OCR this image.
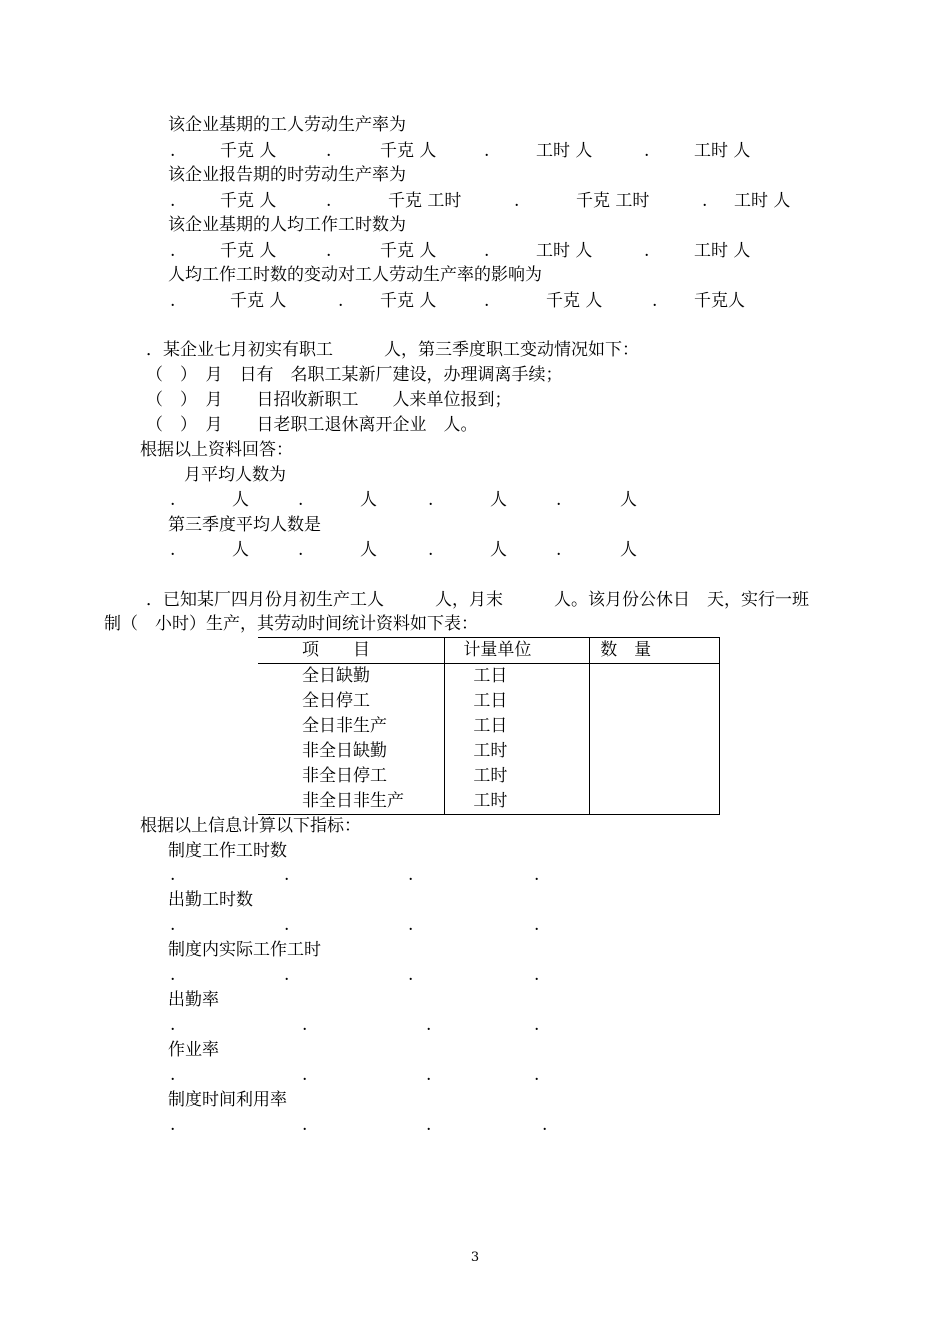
该企业基期的工人劳动生产率为
.	千克 人	.	千克 人	.	工时 人	.	工时 人
该企业报告期的时劳动生产率为
.	千克 人	.	千克 工时	.	千克 工时	. 工时 人
该企业基期的人均工作工时数为
.	千克 人	.	千克 人	.	工时 人	.	工时 人
人均工作工时数的变动对工人劳动生产率的影响为
.	千克 人	. 千克 人	.	千克 人	. 千克人
．某企业七月初实有职工　　　人，第三季度职工变动情况如下：
（　）　月　日有　名职工某新厂建设，办理调离手续；
（　）　月　　日招收新职工　　人来单位报到；
（　）　月　　日老职工退休离开企业　人。
根据以上资料回答：
月平均人数为
.	人	.	人	.	人	.	人
第三季度平均人数是
.	人	.	人	.	人	.	人
．已知某厂四月份月初生产工人　　　人，月末　　　人。该月份公休日　天，实行一班
制（　小时）生产，其劳动时间统计资料如下表：
项　　目	计量单位	数　量
全日缺勤	工日	
全日停工	工日	
全日非生产	工日	
非全日缺勤	工时	
非全日停工	工时	
非全日非生产	工时	
根据以上信息计算以下指标：
制度工作工时数
.	.	.	.
出勤工时数
.	.	.	.
制度内实际工作工时
.	.	.	.
出勤率
.	.	.	.
作业率
.	.	.	.
制度时间利用率
.	.	.	.
3
